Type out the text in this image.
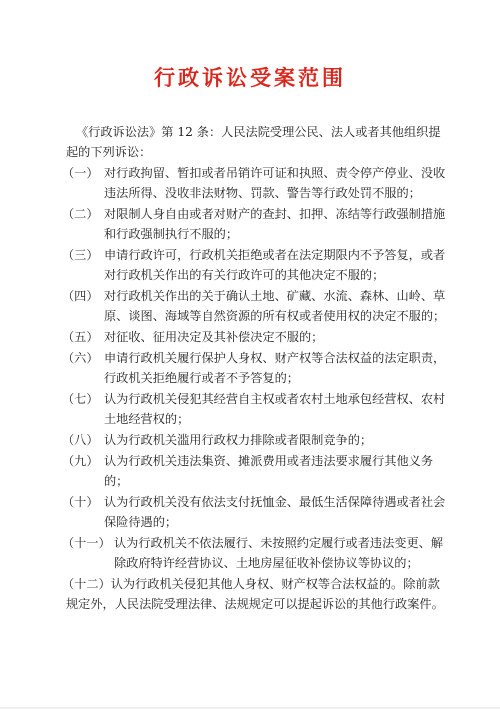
行政诉讼受案范围

《行政诉讼法》第 12 条：人民法院受理公民、法人或者其他组织提起的下列诉讼：

（一） 对行政拘留、暂扣或者吊销许可证和执照、责令停产停业、没收违法所得、没收非法财物、罚款、警告等行政处罚不服的；
（二） 对限制人身自由或者对财产的查封、扣押、冻结等行政强制措施和行政强制执行不服的；
（三） 申请行政许可，行政机关拒绝或者在法定期限内不予答复，或者对行政机关作出的有关行政许可的其他决定不服的；
（四） 对行政机关作出的关于确认土地、矿藏、水流、森林、山岭、草原、谈图、海域等自然资源的所有权或者使用权的决定不服的；
（五） 对征收、征用决定及其补偿决定不服的；
（六） 申请行政机关履行保护人身权、财产权等合法权益的法定职责，行政机关拒绝履行或者不予答复的；
（七） 认为行政机关侵犯其经营自主权或者农村土地承包经营权、农村土地经营权的；
（八） 认为行政机关滥用行政权力排除或者限制竞争的；
（九） 认为行政机关违法集资、摊派费用或者违法要求履行其他义务的；
（十） 认为行政机关没有依法支付抚恤金、最低生活保障待遇或者社会保险待遇的；
（十一） 认为行政机关不依法履行、未按照约定履行或者违法变更、解除政府特许经营协议、土地房屋征收补偿协议等协议的；

（十二）认为行政机关侵犯其他人身权、财产权等合法权益的。除前款规定外，人民法院受理法律、法规规定可以提起诉讼的其他行政案件。
